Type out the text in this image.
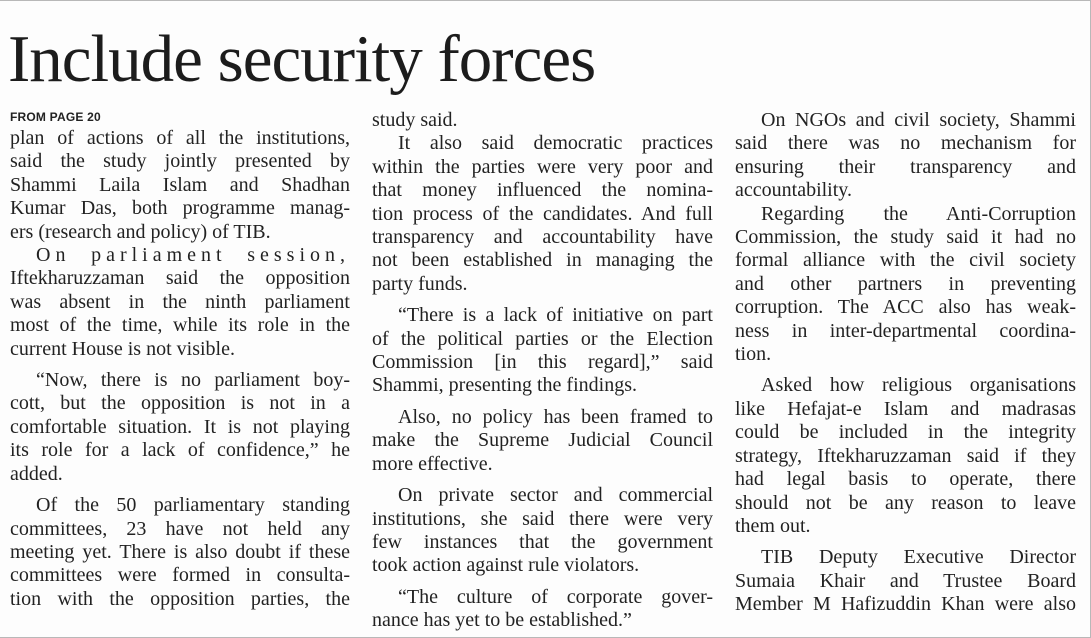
Include security forces
FROM PAGE 20
plan of actions of all the institutions,
said the study jointly presented by
Shammi Laila Islam and Shadhan
Kumar Das, both programme manag-
ers (research and policy) of TIB.
On parliament session,
Iftekharuzzaman said the opposition
was absent in the ninth parliament
most of the time, while its role in the
current House is not visible.
“Now, there is no parliament boy-
cott, but the opposition is not in a
comfortable situation. It is not playing
its role for a lack of confidence,” he
added.
Of the 50 parliamentary standing
committees, 23 have not held any
meeting yet. There is also doubt if these
committees were formed in consulta-
tion with the opposition parties, the
study said.
It also said democratic practices
within the parties were very poor and
that money influenced the nomina-
tion process of the candidates. And full
transparency and accountability have
not been established in managing the
party funds.
“There is a lack of initiative on part
of the political parties or the Election
Commission [in this regard],” said
Shammi, presenting the findings.
Also, no policy has been framed to
make the Supreme Judicial Council
more effective.
On private sector and commercial
institutions, she said there were very
few instances that the government
took action against rule violators.
“The culture of corporate gover-
nance has yet to be established.”
On NGOs and civil society, Shammi
said there was no mechanism for
ensuring their transparency and
accountability.
Regarding the Anti-Corruption
Commission, the study said it had no
formal alliance with the civil society
and other partners in preventing
corruption. The ACC also has weak-
ness in inter-departmental coordina-
tion.
Asked how religious organisations
like Hefajat-e Islam and madrasas
could be included in the integrity
strategy, Iftekharuzzaman said if they
had legal basis to operate, there
should not be any reason to leave
them out.
TIB Deputy Executive Director
Sumaia Khair and Trustee Board
Member M Hafizuddin Khan were also
